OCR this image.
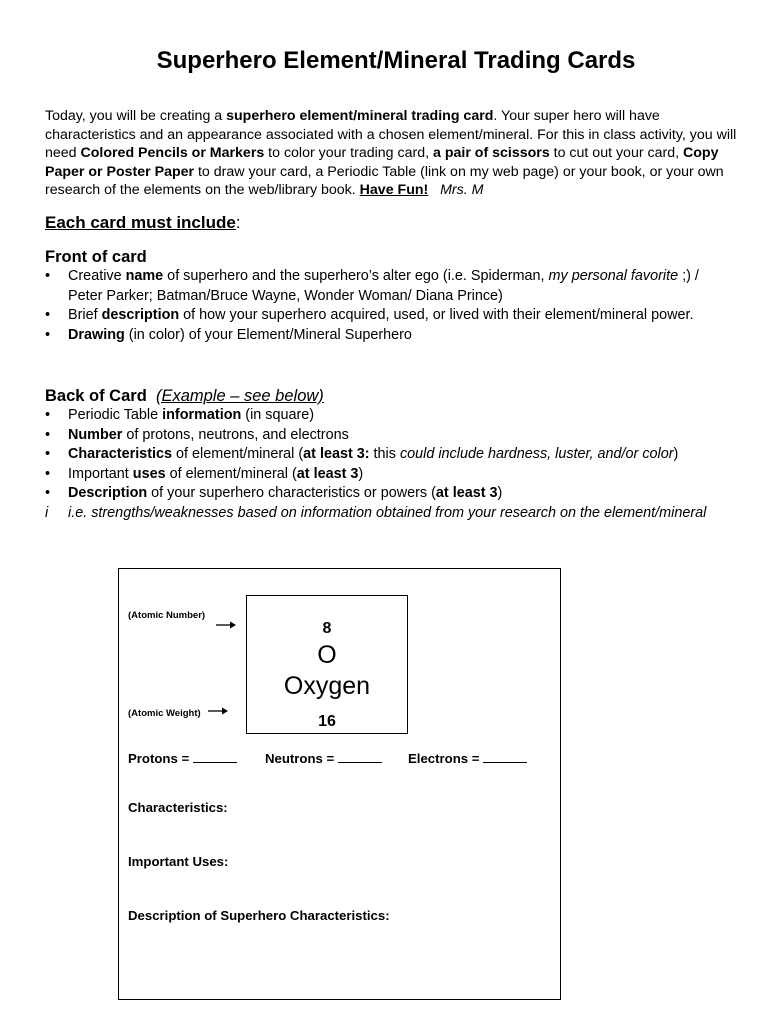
Superhero Element/Mineral Trading Cards
Today, you will be creating a superhero element/mineral trading card. Your super hero will have characteristics and an appearance associated with a chosen element/mineral. For this in class activity, you will need Colored Pencils or Markers to color your trading card, a pair of scissors to cut out your card, Copy Paper or Poster Paper to draw your card, a Periodic Table (link on my web page) or your book, or your own research of the elements on the web/library book. Have Fun! Mrs. M
Each card must include:
Front of card
•	Creative name of superhero and the superhero’s alter ego (i.e. Spiderman, my personal favorite ;) / Peter Parker; Batman/Bruce Wayne, Wonder Woman/ Diana Prince)
•	Brief description of how your superhero acquired, used, or lived with their element/mineral power.
•	Drawing (in color) of your Element/Mineral Superhero
Back of Card (Example – see below)
•	Periodic Table information (in square)
•	Number of protons, neutrons, and electrons
•	Characteristics of element/mineral (at least 3: this could include hardness, luster, and/or color)
•	Important uses of element/mineral (at least 3)
•	Description of your superhero characteristics or powers (at least 3)
i	i.e. strengths/weaknesses based on information obtained from your research on the element/mineral
(Atomic Number)
(Atomic Weight)
8
O
Oxygen
16
Protons =	Neutrons =	Electrons =
Characteristics:
Important Uses:
Description of Superhero Characteristics:
